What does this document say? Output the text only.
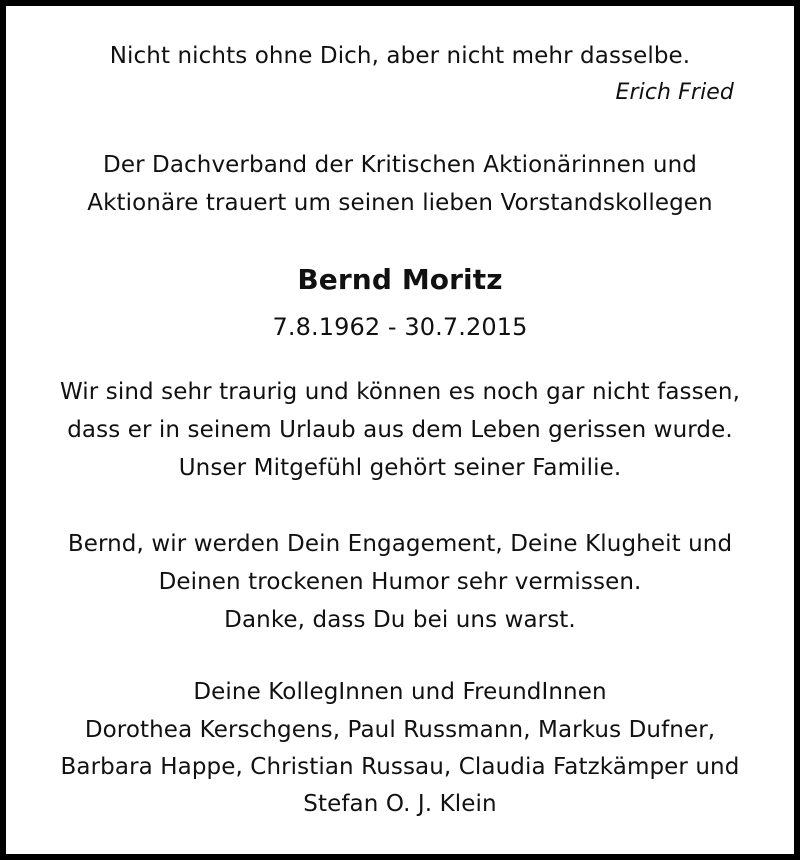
Nicht nichts ohne Dich, aber nicht mehr dasselbe.
Erich Fried
Der Dachverband der Kritischen Aktionärinnen und
Aktionäre trauert um seinen lieben Vorstandskollegen
Bernd Moritz
7.8.1962 - 30.7.2015
Wir sind sehr traurig und können es noch gar nicht fassen,
dass er in seinem Urlaub aus dem Leben gerissen wurde.
Unser Mitgefühl gehört seiner Familie.
Bernd, wir werden Dein Engagement, Deine Klugheit und
Deinen trockenen Humor sehr vermissen.
Danke, dass Du bei uns warst.
Deine KollegInnen und FreundInnen
Dorothea Kerschgens, Paul Russmann, Markus Dufner,
Barbara Happe, Christian Russau, Claudia Fatzkämper und
Stefan O. J. Klein
